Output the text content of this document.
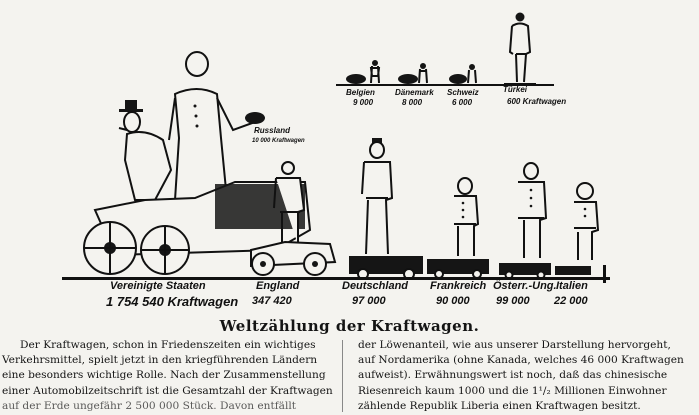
Belgien
9 000
Dänemark
8 000
Schweiz
6 000
Türkei
600 Kraftwagen
Russland
10 000 Kraftwagen
Vereinigte Staaten
1 754 540 Kraftwagen
England
347 420
Deutschland
97 000
Frankreich
90 000
Österr.-Ung.
99 000
Italien
22 000
Weltzählung der Kraftwagen.

Der Kraftwagen, schon in Friedenszeiten ein wichtiges

Verkehrsmittel, spielt jetzt in den kriegführenden Ländern

eine besonders wichtige Rolle. Nach der Zusammenstellung

einer Automobilzeitschrift ist die Gesamtzahl der Kraftwagen

auf der Erde ungefähr 2 500 000 Stück. Davon entfällt

der Löwenanteil, wie aus unserer Darstellung hervorgeht,

auf Nordamerika (ohne Kanada, welches 46 000 Kraftwagen

aufweist). Erwähnungswert ist noch, daß das chinesische

Riesenreich kaum 1000 und die 1¹/₂ Millionen Einwohner

zählende Republik Liberia einen Kraftwagen besitzt.
